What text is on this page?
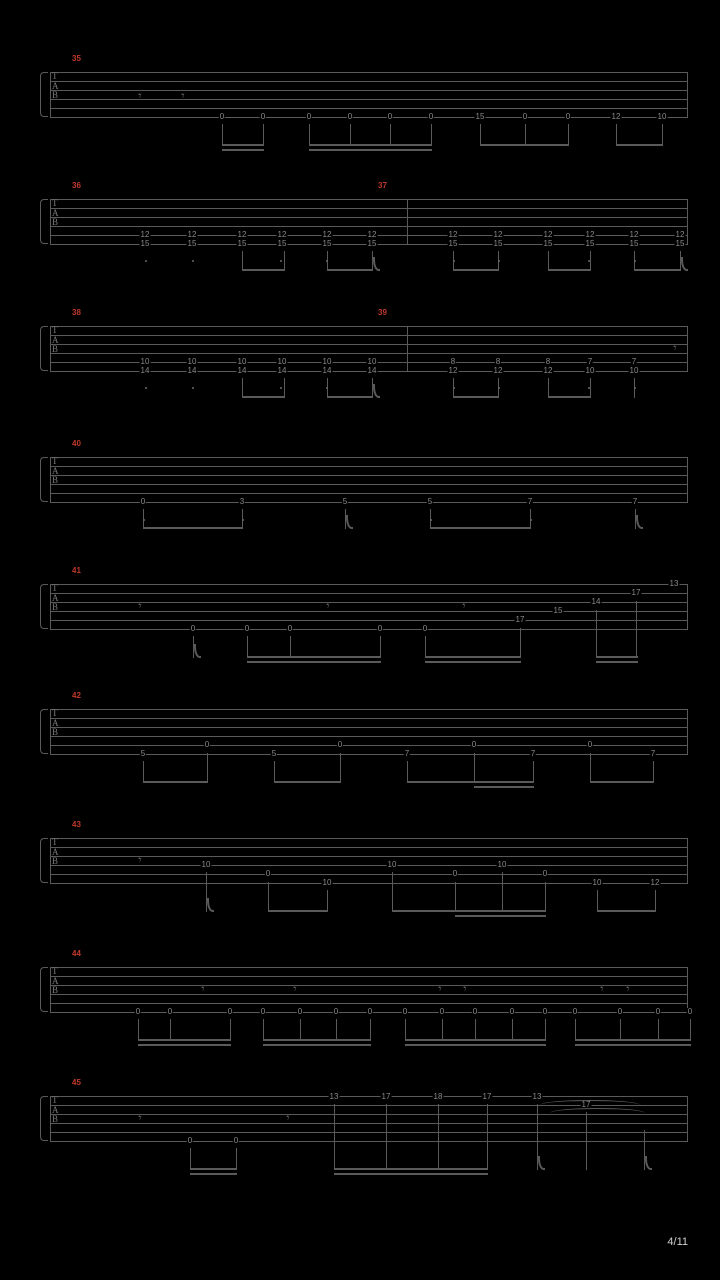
35
T
A
B	𝄾	𝄾
0	0	0	0	0	0	15	0	0	12	10
36	37
T
A
B
12
15
12
15
12
15
12
15
12
15
12
15
12
15
12
15
12
15
12
15
12
15
12
15
38	39
T
A
B
10
14
10
14
10
14
10
14
10
14
10
14
8
12
8
12
8
12
7
10
7
10
𝄾
40
T
A
B
0	3	5	5	7	7
41
T
A
B	𝄾	𝄾	𝄾
0	0	0	0	0
17
15
14
17
13
42
T
A
B
5
0
5
0
7
0
7
0
7
43
T
A
B	𝄾	10
0
10
10
0
10
0
10	12
44
T
A
B	𝄾	𝄾	𝄾 𝄾	𝄾 𝄾
0	0	0	0	0	0	0	0	0	0	0	0	0	0	0	0
45
T
A
B	𝄾	𝄾
0	0
13	17	18	17	13
17
4/11
